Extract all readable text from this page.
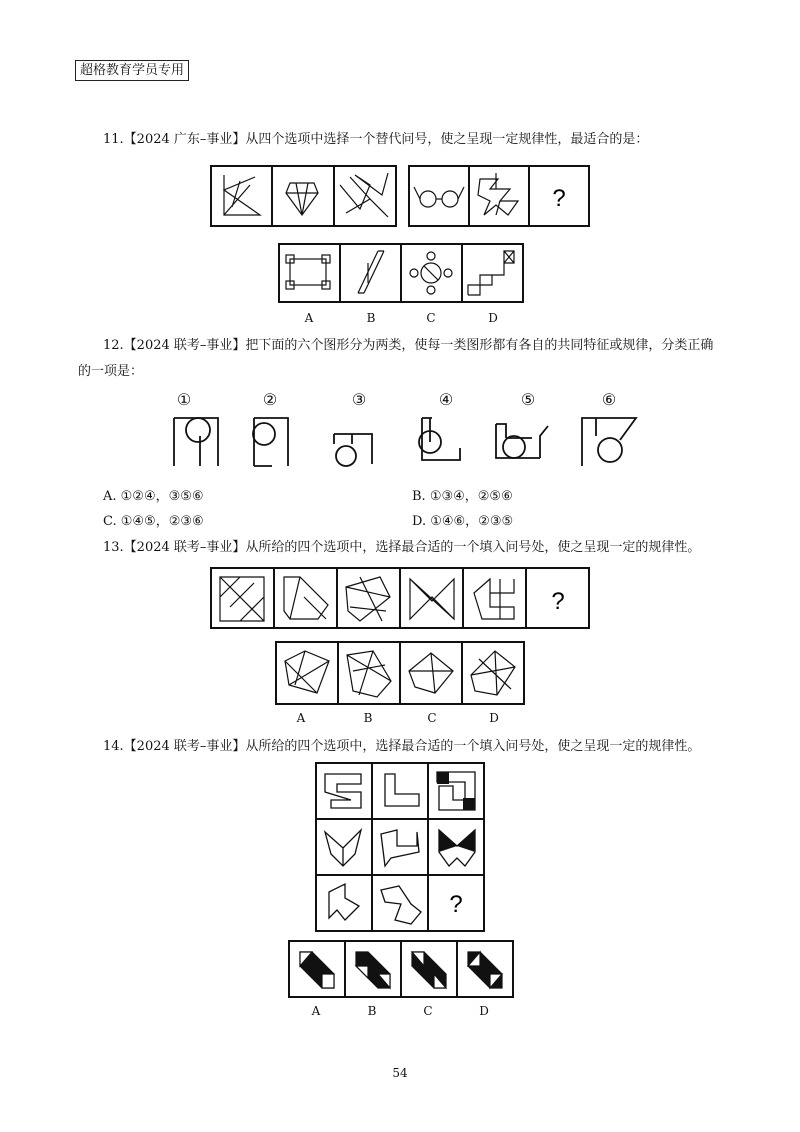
超格教育学员专用
11.【2024 广东–事业】从四个选项中选择一个替代问号，使之呈现一定规律性，最适合的是：
?
A	B	C	D
12.【2024 联考–事业】把下面的六个图形分为两类，使每一类图形都有各自的共同特征或规律，分类正确
的一项是：
①	②	③	④	⑤	⑥
A. ①②④，③⑤⑥	B. ①③④，②⑤⑥
C. ①④⑤，②③⑥	D. ①④⑥，②③⑤
13.【2024 联考–事业】从所给的四个选项中，选择最合适的一个填入问号处，使之呈现一定的规律性。
?
A	B	C	D
14.【2024 联考–事业】从所给的四个选项中，选择最合适的一个填入问号处，使之呈现一定的规律性。
?
A	B	C	D
54
